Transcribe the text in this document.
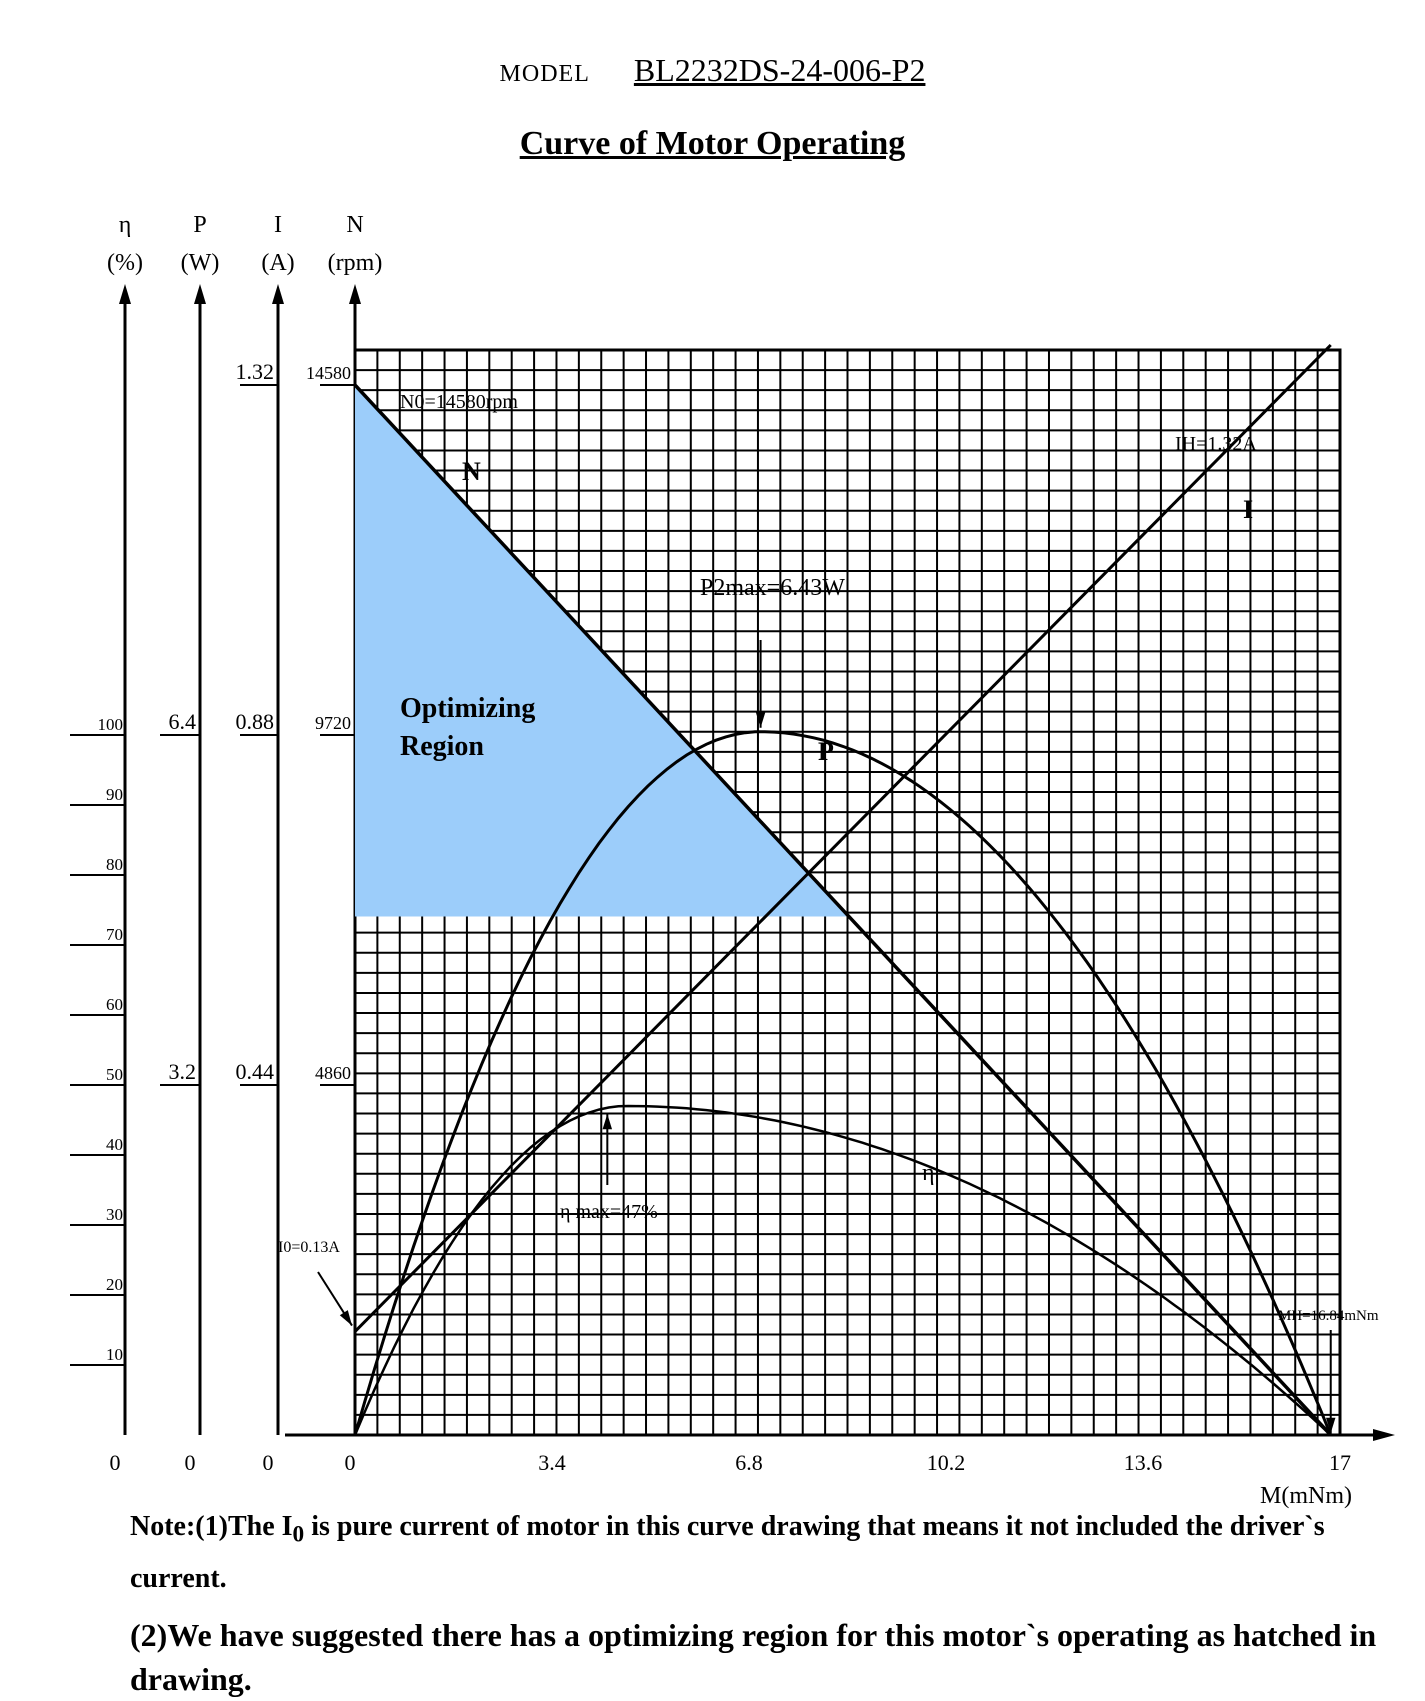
MODEL BL2232DS-24-006-P2
Curve of Motor Operating
η
(%)
0
100
90
80
70
60
50
40
30
20
10
P
(W)
0
6.4
3.2
I
(A)
0
1.32
0.88
0.44
N
(rpm)
0
14580
9720
4860
3.4	6.8	10.2	13.6	17
M(mNm)
N0=14580rpm
IH=1.32A
P2max=6.43W
η max=47%
I0=0.13A
MH=16.84mNm
N
I
P
η
Optimizing
Region
Note:(1)The $I_0$ is pure current of motor in this curve drawing that means it not included the driver`s current.
(2)We have suggested there has a optimizing region for this motor`s operating as hatched in drawing.
